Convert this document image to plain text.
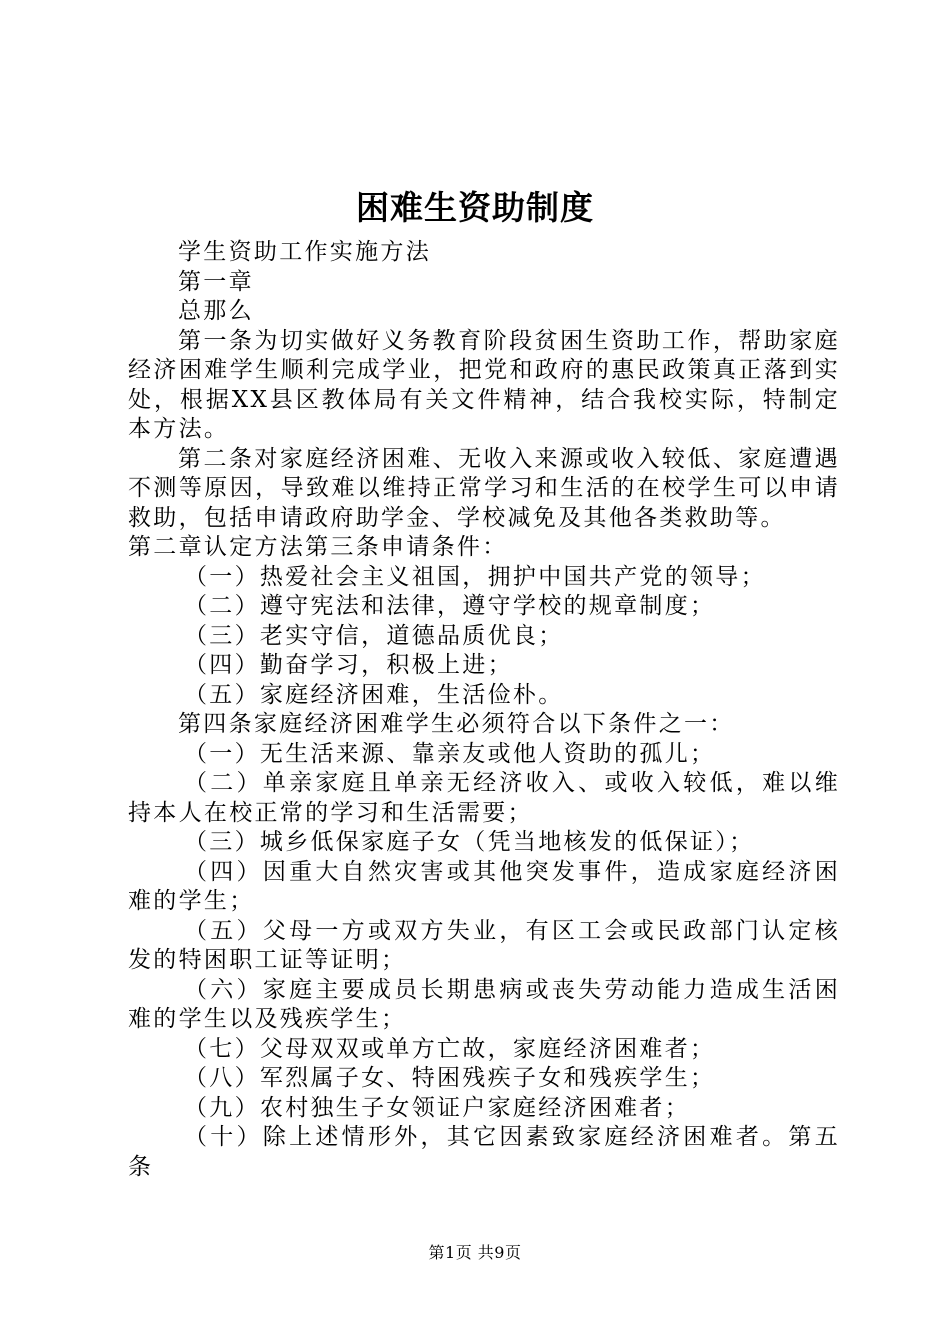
困难生资助制度

学生资助工作实施方法

第一章

总那么

第一条为切实做好义务教育阶段贫困生资助工作，帮助家庭经济困难学生顺利完成学业，把党和政府的惠民政策真正落到实处，根据XX县区教体局有关文件精神，结合我校实际，特制定本方法。

第二条对家庭经济困难、无收入来源或收入较低、家庭遭遇不测等原因，导致难以维持正常学习和生活的在校学生可以申请救助，包括申请政府助学金、学校减免及其他各类救助等。

第二章认定方法第三条申请条件：

（一）热爱社会主义祖国，拥护中国共产党的领导；

（二）遵守宪法和法律，遵守学校的规章制度；

（三）老实守信，道德品质优良；

（四）勤奋学习，积极上进；

（五）家庭经济困难，生活俭朴。

第四条家庭经济困难学生必须符合以下条件之一：

（一）无生活来源、靠亲友或他人资助的孤儿；

（二）单亲家庭且单亲无经济收入、或收入较低，难以维持本人在校正常的学习和生活需要；

（三）城乡低保家庭子女（凭当地核发的低保证）；

（四）因重大自然灾害或其他突发事件，造成家庭经济困难的学生；

（五）父母一方或双方失业，有区工会或民政部门认定核发的特困职工证等证明；

（六）家庭主要成员长期患病或丧失劳动能力造成生活困难的学生以及残疾学生；

（七）父母双双或单方亡故，家庭经济困难者；

（八）军烈属子女、特困残疾子女和残疾学生；

（九）农村独生子女领证户家庭经济困难者；

（十）除上述情形外，其它因素致家庭经济困难者。第五条

第1页 共9页
